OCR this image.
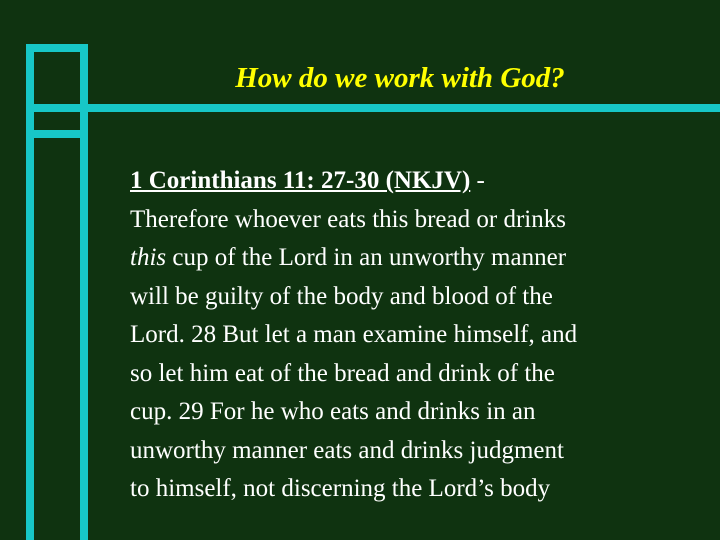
How do we work with God?
1 Corinthians 11: 27-30 (NKJV) -
Therefore whoever eats this bread or drinks
this cup of the Lord in an unworthy manner
will be guilty of the body and blood of the
Lord. 28 But let a man examine himself, and
so let him eat of the bread and drink of the
cup. 29 For he who eats and drinks in an
unworthy manner eats and drinks judgment
to himself, not discerning the Lord’s body
